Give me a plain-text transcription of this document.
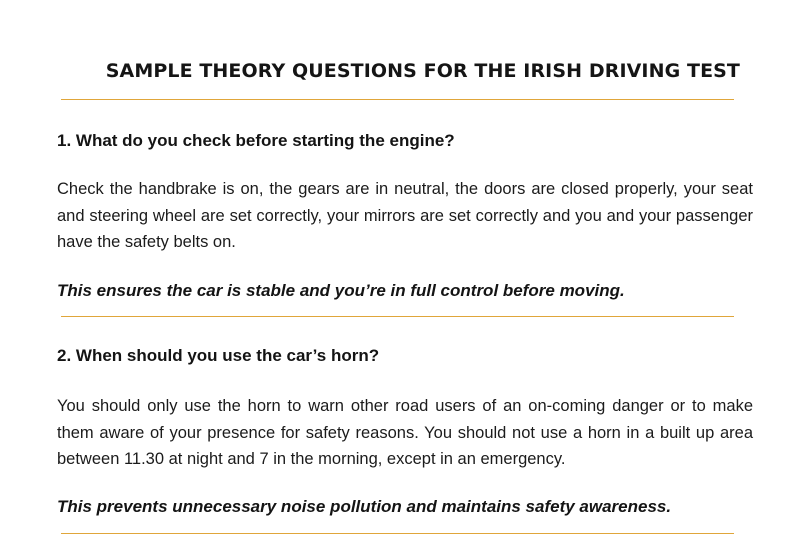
SAMPLE THEORY QUESTIONS FOR THE IRISH DRIVING TEST
1. What do you check before starting the engine?
Check the handbrake is on, the gears are in neutral, the doors are closed properly, your seat and steering wheel are set correctly, your mirrors are set correctly and you and your passenger have the safety belts on.
This ensures the car is stable and you’re in full control before moving.
2. When should you use the car’s horn?
You should only use the horn to warn other road users of an on-coming danger or to make them aware of your presence for safety reasons. You should not use a horn in a built up area between 11.30 at night and 7 in the morning, except in an emergency.
This prevents unnecessary noise pollution and maintains safety awareness.
